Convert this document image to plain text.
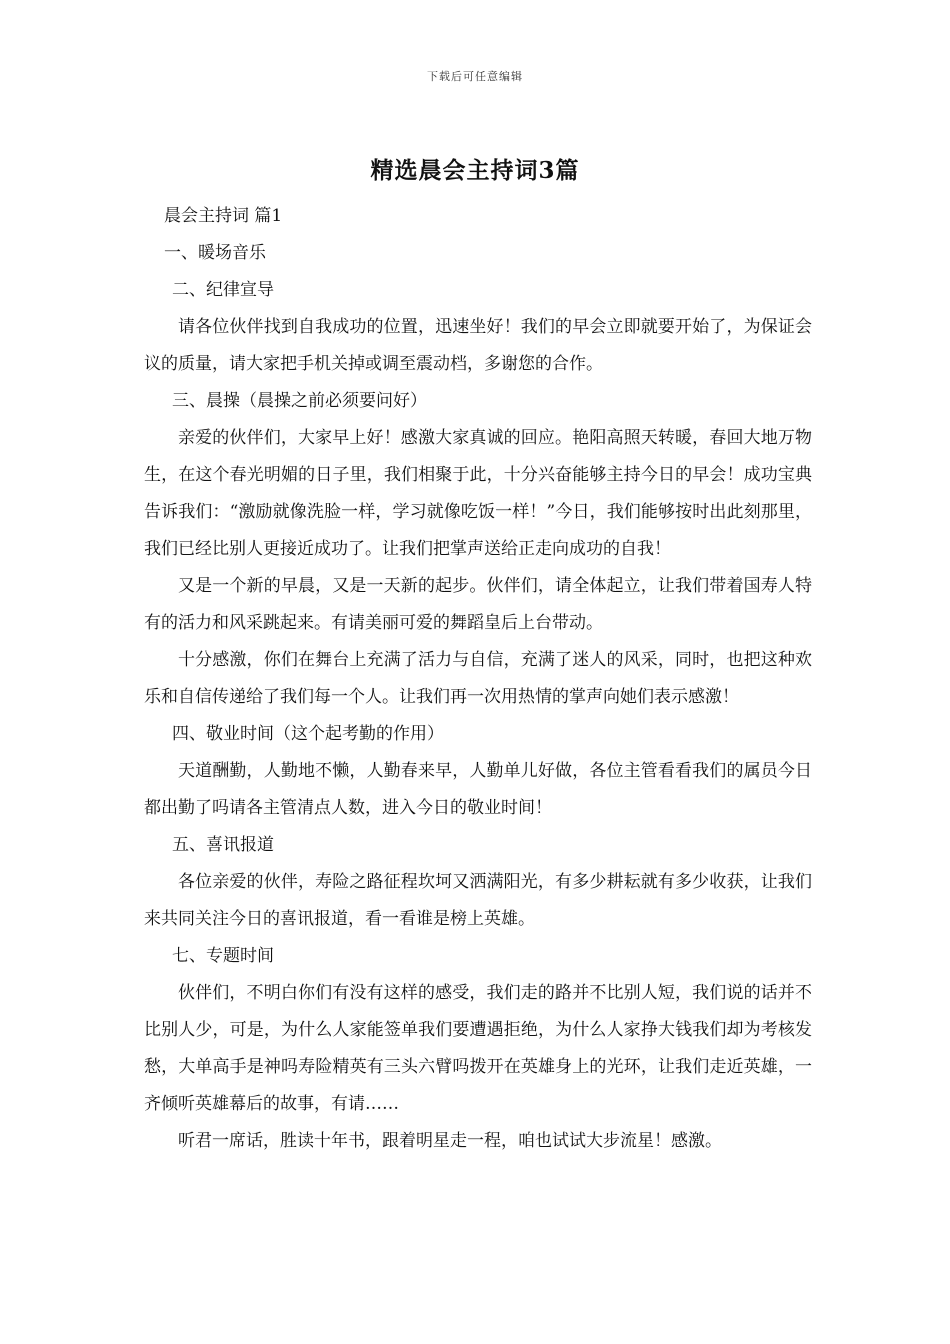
下载后可任意编辑
精选晨会主持词3篇

晨会主持词 篇1

一、暖场音乐

二、纪律宣导

请各位伙伴找到自我成功的位置，迅速坐好！我们的早会立即就要开始了，为保证会议的质量，请大家把手机关掉或调至震动档，多谢您的合作。

三、晨操（晨操之前必须要问好）

亲爱的伙伴们，大家早上好！感激大家真诚的回应。艳阳高照天转暖，春回大地万物生，在这个春光明媚的日子里，我们相聚于此，十分兴奋能够主持今日的早会！成功宝典告诉我们：“激励就像洗脸一样，学习就像吃饭一样！”今日，我们能够按时出此刻那里，我们已经比别人更接近成功了。让我们把掌声送给正走向成功的自我！

又是一个新的早晨，又是一天新的起步。伙伴们，请全体起立，让我们带着国寿人特有的活力和风采跳起来。有请美丽可爱的舞蹈皇后上台带动。

十分感激，你们在舞台上充满了活力与自信，充满了迷人的风采，同时，也把这种欢乐和自信传递给了我们每一个人。让我们再一次用热情的掌声向她们表示感激！

四、敬业时间（这个起考勤的作用）

天道酬勤，人勤地不懒，人勤春来早，人勤单儿好做，各位主管看看我们的属员今日都出勤了吗请各主管清点人数，进入今日的敬业时间！

五、喜讯报道

各位亲爱的伙伴，寿险之路征程坎坷又洒满阳光，有多少耕耘就有多少收获，让我们来共同关注今日的喜讯报道，看一看谁是榜上英雄。

七、专题时间

伙伴们，不明白你们有没有这样的感受，我们走的路并不比别人短，我们说的话并不比别人少，可是，为什么人家能签单我们要遭遇拒绝，为什么人家挣大钱我们却为考核发愁，大单高手是神吗寿险精英有三头六臂吗拨开在英雄身上的光环，让我们走近英雄，一齐倾听英雄幕后的故事，有请……

听君一席话，胜读十年书，跟着明星走一程，咱也试试大步流星！感激。
